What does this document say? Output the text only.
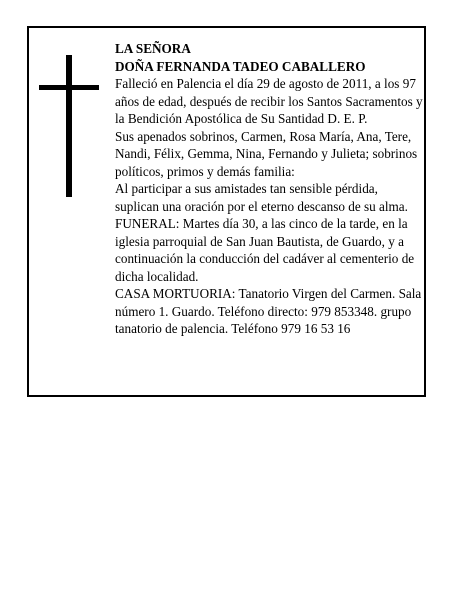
LA SEÑORA

DOÑA FERNANDA TADEO CABALLERO

Falleció en Palencia el día 29 de agosto de 2011, a los 97 años de edad, después de recibir los Santos Sacramentos y la Bendición Apostólica de Su Santidad D. E. P.

Sus apenados sobrinos, Carmen, Rosa María, Ana, Tere, Nandi, Félix, Gemma, Nina, Fernando y Julieta; sobrinos políticos, primos y demás familia:

Al participar a sus amistades tan sensible pérdida, suplican una oración por el eterno descanso de su alma.

FUNERAL: Martes día 30, a las cinco de la tarde, en la iglesia parroquial de San Juan Bautista, de Guardo, y a continuación la conducción del cadáver al cementerio de dicha localidad.

CASA MORTUORIA: Tanatorio Virgen del Carmen. Sala número 1. Guardo. Teléfono directo: 979 853348. grupo tanatorio de palencia. Teléfono 979 16 53 16
